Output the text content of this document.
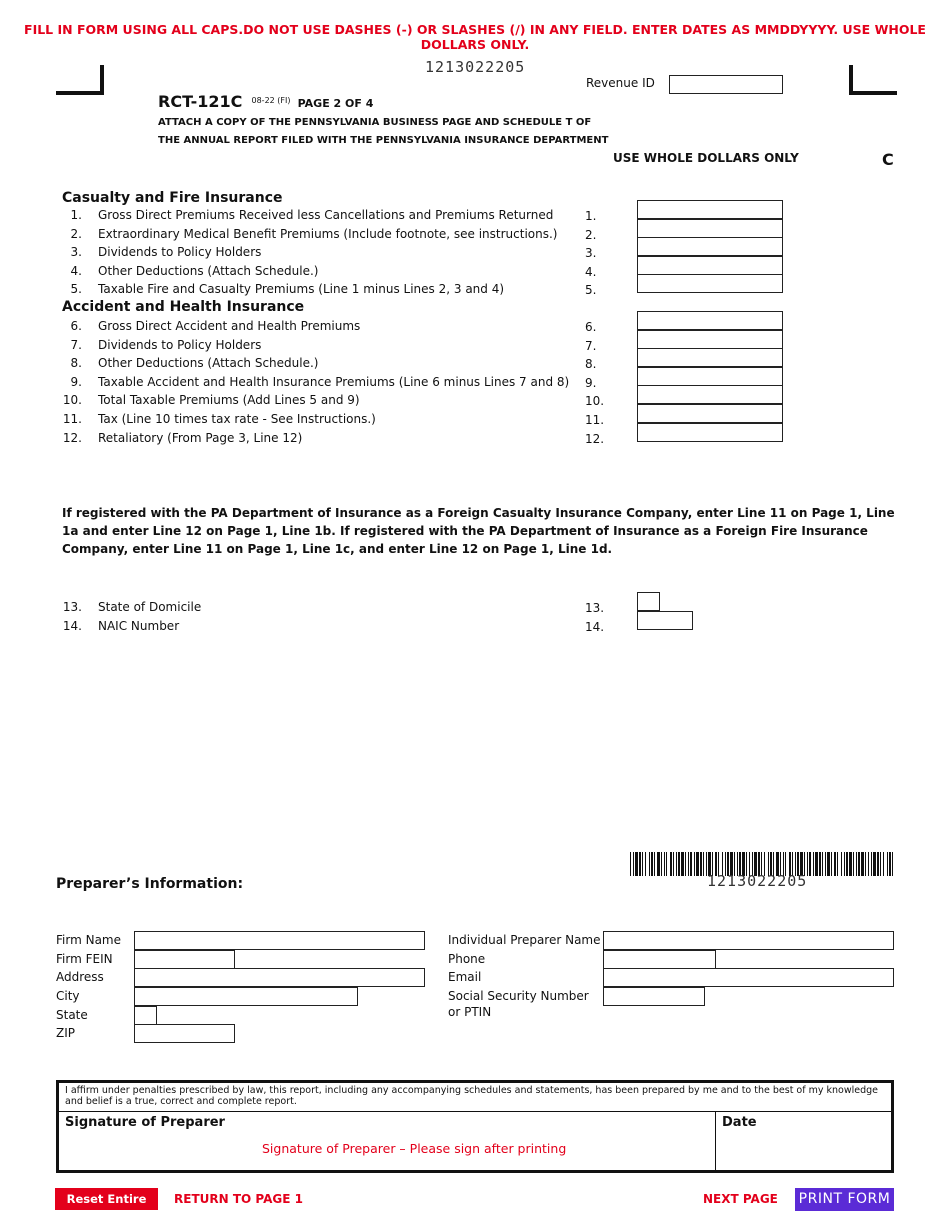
FILL IN FORM USING ALL CAPS.DO NOT USE DASHES (-) OR SLASHES (/) IN ANY FIELD. ENTER DATES AS MMDDYYYY. USE WHOLE DOLLARS ONLY.
1213022205
Revenue ID
RCT-121C $^{08-22 (FI)}$ PAGE 2 OF 4
ATTACH A COPY OF THE PENNSYLVANIA BUSINESS PAGE AND SCHEDULE T OF
THE ANNUAL REPORT FILED WITH THE PENNSYLVANIA INSURANCE DEPARTMENT
USE WHOLE DOLLARS ONLY	C
Casualty and Fire Insurance
1. Gross Direct Premiums Received less Cancellations and Premiums Returned	1.
2. Extraordinary Medical Benefit Premiums (Include footnote, see instructions.) 2.
3. Dividends to Policy Holders	3.
4. Other Deductions (Attach Schedule.)	4.
5. Taxable Fire and Casualty Premiums (Line 1 minus Lines 2, 3 and 4)	5.
Accident and Health Insurance
6. Gross Direct Accident and Health Premiums	6.
7. Dividends to Policy Holders	7.
8. Other Deductions (Attach Schedule.)	8.
9. Taxable Accident and Health Insurance Premiums (Line 6 minus Lines 7 and 8) 9.
10. Total Taxable Premiums (Add Lines 5 and 9)	10.
11. Tax (Line 10 times tax rate - See Instructions.)	11.
12. Retaliatory (From Page 3, Line 12)	12.
If registered with the PA Department of Insurance as a Foreign Casualty Insurance Company, enter Line 11 on Page 1, Line 1a and enter Line 12 on Page 1, Line 1b. If registered with the PA Department of Insurance as a Foreign Fire Insurance Company, enter Line 11 on Page 1, Line 1c, and enter Line 12 on Page 1, Line 1d.
13. State of Domicile	13.
14. NAIC Number	14.
1213022205
Preparer’s Information:
Firm Name
Firm FEIN
Address
City
State
ZIP
Individual Preparer Name
Phone
Email
Social Security Number
or PTIN
I affirm under penalties prescribed by law, this report, including any accompanying schedules and statements, has been prepared by me and to the best of my knowledge and belief is a true, correct and complete report.
Signature of Preparer
Signature of Preparer – Please sign after printing
Date
Reset Entire Form
RETURN TO PAGE 1	NEXT PAGE PRINT FORM
